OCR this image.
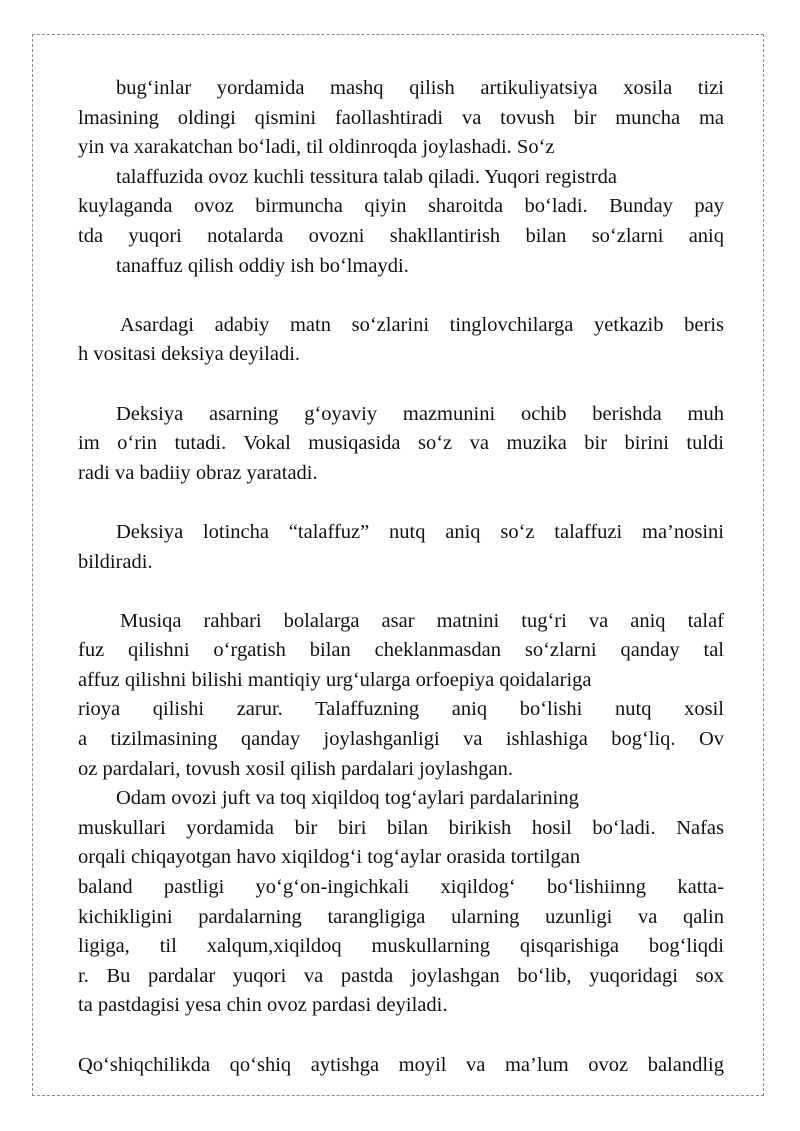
bug‘inlar yordamida mashq qilish artikuliyatsiya xosila tizi
lmasining oldingi qismini faollashtiradi va tovush bir muncha ma
yin va xarakatchan bo‘ladi, til oldinroqda joylashadi. So‘z
talaffuzida ovoz kuchli tessitura talab qiladi. Yuqori registrda
kuylaganda ovoz birmuncha qiyin sharoitda bo‘ladi. Bunday pay
tda yuqori notalarda ovozni shakllantirish bilan so‘zlarni aniq
tanaffuz qilish oddiy ish bo‘lmaydi.
Asardagi adabiy matn so‘zlarini tinglovchilarga yetkazib beris
h vositasi deksiya deyiladi.
Deksiya asarning g‘oyaviy mazmunini ochib berishda muh
im o‘rin tutadi. Vokal musiqasida so‘z va muzika bir birini tuldi
radi va badiiy obraz yaratadi.
Deksiya lotincha “talaffuz” nutq aniq so‘z talaffuzi ma’nosini
bildiradi.
Musiqa rahbari bolalarga asar matnini tug‘ri va aniq talaf
fuz qilishni o‘rgatish bilan cheklanmasdan so‘zlarni qanday tal
affuz qilishni bilishi mantiqiy urg‘ularga orfoepiya qoidalariga
rioya qilishi zarur. Talaffuzning aniq bo‘lishi nutq xosil
a tizilmasining qanday joylashganligi va ishlashiga bog‘liq. Ov
oz pardalari, tovush xosil qilish pardalari joylashgan.
Odam ovozi juft va toq xiqildoq tog‘aylari pardalarining
muskullari yordamida bir biri bilan birikish hosil bo‘ladi. Nafas
orqali chiqayotgan havo xiqildog‘i tog‘aylar orasida tortilgan
baland pastligi yo‘g‘on-ingichkali xiqildog‘ bo‘lishiinng katta-
kichikligini pardalarning tarangligiga ularning uzunligi va qalin
ligiga, til xalqum,xiqildoq muskullarning qisqarishiga bog‘liqdi
r. Bu pardalar yuqori va pastda joylashgan bo‘lib, yuqoridagi sox
ta pastdagisi yesa chin ovoz pardasi deyiladi.
Qo‘shiqchilikda qo‘shiq aytishga moyil va ma’lum ovoz balandlig
